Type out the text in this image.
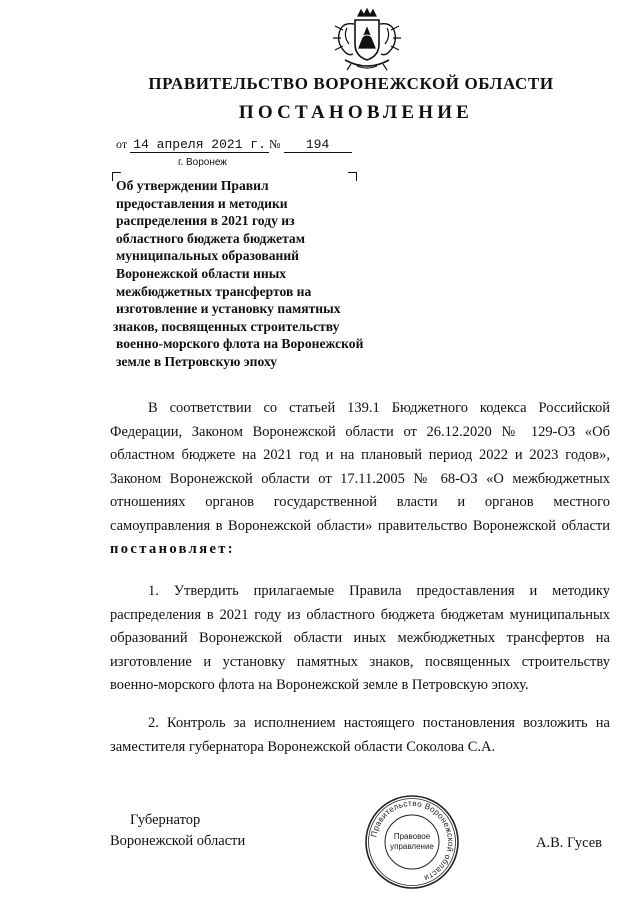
ПРАВИТЕЛЬСТВО ВОРОНЕЖСКОЙ ОБЛАСТИ
ПОСТАНОВЛЕНИЕ
от 14 апреля 2021 г. № 194
г. Воронеж
Об утверждении Правил
предоставления и методики
распределения в 2021 году из
областного бюджета бюджетам
муниципальных образований
Воронежской области иных
межбюджетных трансфертов на
изготовление и установку памятных
знаков, посвященных строительству
военно-морского флота на Воронежской
земле в Петровскую эпоху
В соответствии со статьей 139.1 Бюджетного кодекса Российской Федерации, Законом Воронежской области от 26.12.2020 № 129-ОЗ «Об областном бюджете на 2021 год и на плановый период 2022 и 2023 годов», Законом Воронежской области от 17.11.2005 № 68-ОЗ «О межбюджетных отношениях органов государственной власти и органов местного самоуправления в Воронежской области» правительство Воронежской области постановляет:
1. Утвердить прилагаемые Правила предоставления и методику распределения в 2021 году из областного бюджета бюджетам муниципальных образований Воронежской области иных межбюджетных трансфертов на изготовление и установку памятных знаков, посвященных строительству военно-морского флота на Воронежской земле в Петровскую эпоху.
2. Контроль за исполнением настоящего постановления возложить на заместителя губернатора Воронежской области Соколова С.А.
Губернатор
Воронежской области	Правительство Воронежской области
Правовое
управление	А.В. Гусев
